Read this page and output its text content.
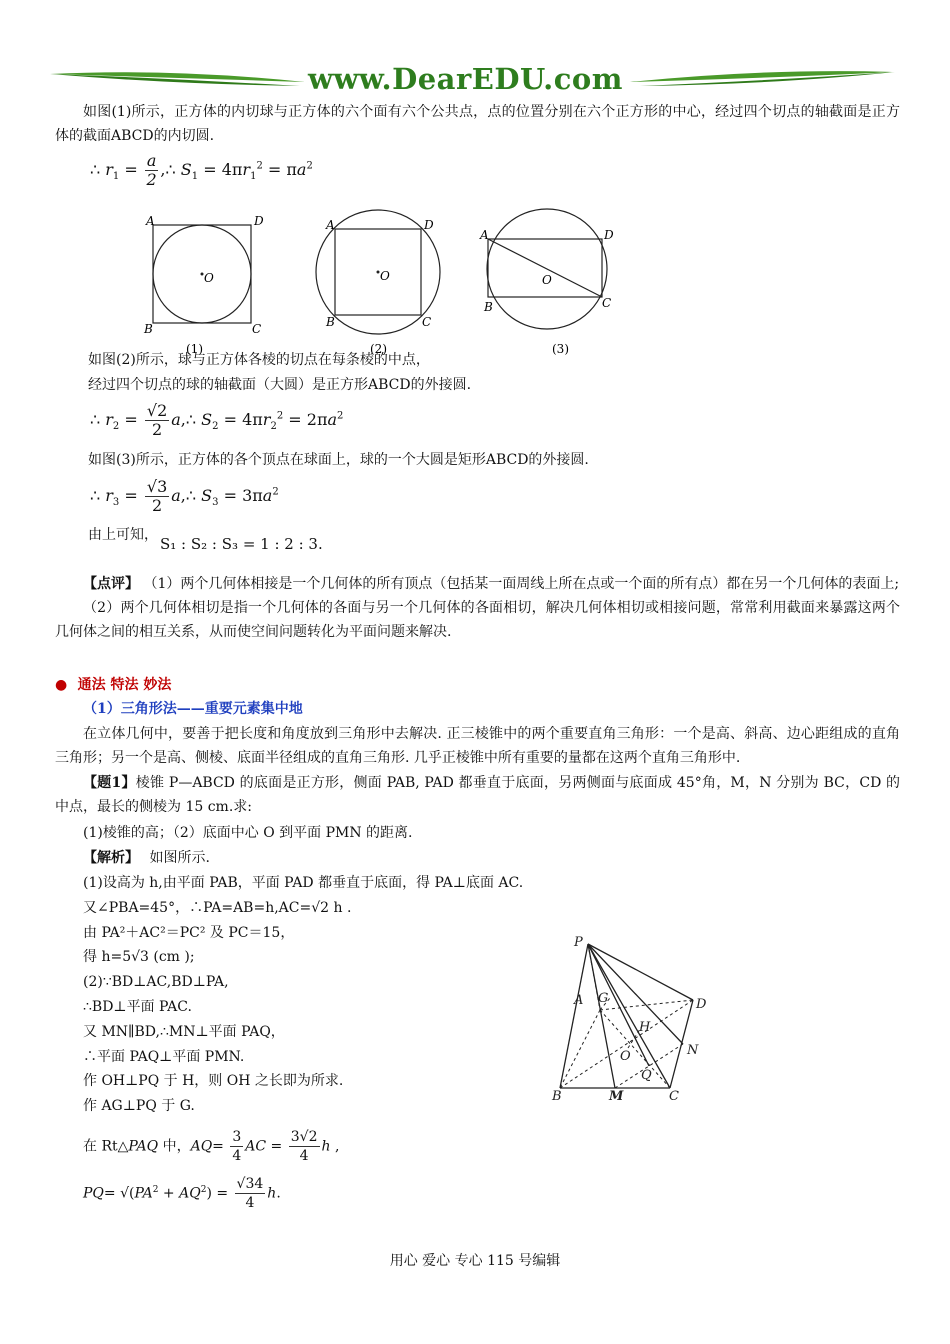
www.DearEDU.com
如图(1)所示，正方体的内切球与正方体的六个面有六个公共点，点的位置分别在六个正方形的中心，经过四个切点的轴截面是正方体的截面ABCD的内切圆.
∴ $r_1 = \frac{a}{2}$ ,∴ $S_1 = 4\pi r_1^2 = \pi a^2$
A	D
B	C
O
(1)
A	D
B	C
O
(2)
A	D
B	C
O
(3)
如图(2)所示，球与正方体各棱的切点在每条棱的中点，
经过四个切点的球的轴截面（大圆）是正方形ABCD的外接圆.
∴ $r_2 = \frac{√2}{2}$ a,∴ $S_2 = 4\pi r_2^2 = 2\pi a^2$
如图(3)所示，正方体的各个顶点在球面上，球的一个大圆是矩形ABCD的外接圆.
∴ $r_3 = \frac{√3}{2}$ a,∴ $S_3 = 3\pi a^2$
由上可知， S₁ : S₂ : S₃ = 1 : 2 : 3.
【点评】 （1）两个几何体相接是一个几何体的所有顶点（包括某一面周线上所在点或一个面的所有点）都在另一个几何体的表面上;
（2）两个几何体相切是指一个几何体的各面与另一个几何体的各面相切，解决几何体相切或相接问题，常常利用截面来暴露这两个几何体之间的相互关系，从而使空间问题转化为平面问题来解决.
● 通法 特法 妙法
（1）三角形法——重要元素集中地
在立体几何中，要善于把长度和角度放到三角形中去解决. 正三棱锥中的两个重要直角三角形：一个是高、斜高、边心距组成的直角三角形；另一个是高、侧棱、底面半径组成的直角三角形. 几乎正棱锥中所有重要的量都在这两个直角三角形中.
【题1】棱锥 P—ABCD 的底面是正方形，侧面 PAB, PAD 都垂直于底面，另两侧面与底面成 45°角，M，N 分别为 BC，CD 的中点，最长的侧棱为 15 cm.求:
(1)棱锥的高；（2）底面中心 O 到平面 PMN 的距离.
【解析】 如图所示.
(1)设高为 h,由平面 PAB，平面 PAD 都垂直于底面，得 PA⊥底面 AC.
又∠PBA=45°，∴PA=AB=h,AC=√2 h .
由 PA²＋AC²＝PC² 及 PC＝15，
得 h=5√3 (cm );
(2)∵BD⊥AC,BD⊥PA,
∴BD⊥平面 PAC.
又 MN∥BD,∴MN⊥平面 PAQ，
∴平面 PAQ⊥平面 PMN.
作 OH⊥PQ 于 H，则 OH 之长即为所求.
作 AG⊥PQ 于 G.
在 Rt△PAQ 中，$AQ= \frac{3}{4}$ AC = $\frac{3√2}{4}$ h ,
$PQ= √(PA^2 + AQ^2) = \frac{√34}{4} h$.
P
A G
H
O
Q
N
D
B	M	C
用心 爱心 专心 115 号编辑
